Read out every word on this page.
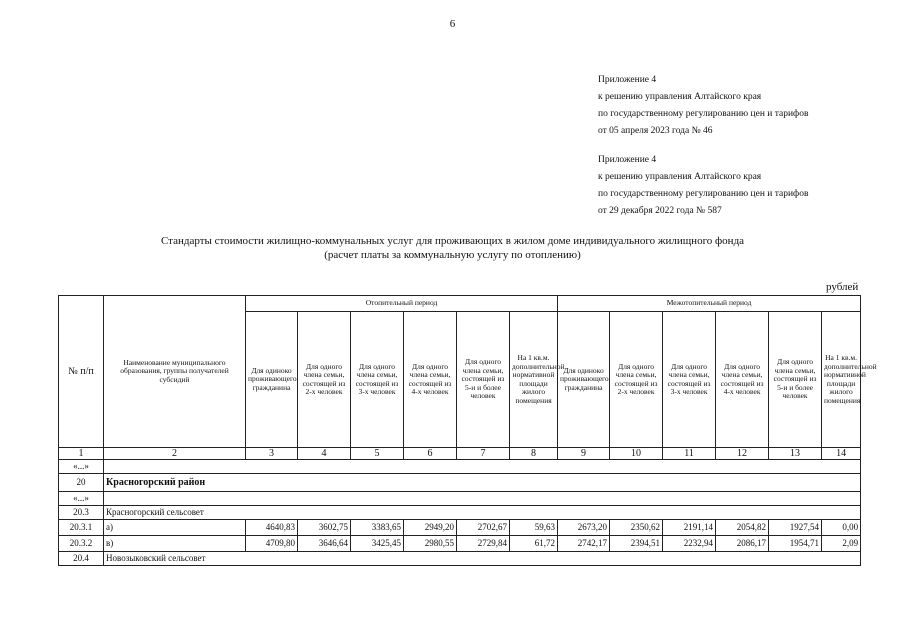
6
Приложение 4
к решению управления Алтайского края
по государственному регулированию цен и тарифов
от 05 апреля 2023 года № 46
Приложение 4
к решению управления Алтайского края
по государственному регулированию цен и тарифов
от 29 декабря 2022 года № 587
Стандарты стоимости жилищно-коммунальных услуг для проживающих в жилом доме индивидуального жилищного фонда
(расчет платы за коммунальную услугу по отоплению)
рублей
№ п/п	Наименование муниципального образования, группы получателей субсидий	Отопительный период						Межотопительный период					
		Для одиноко проживающего гражданина	Для одного члена семьи, состоящей из 2-х человек	Для одного члена семьи, состоящей из 3-х человек	Для одного члена семьи, состоящей из 4-х человек	Для одного члена семьи, состоящей из 5-и и более человек	На 1 кв.м. дополнительной нормативной площади жилого помещения	Для одиноко проживающего гражданина	Для одного члена семьи, состоящей из 2-х человек	Для одного члена семьи, состоящей из 3-х человек	Для одного члена семьи, состоящей из 4-х человек	Для одного члена семьи, состоящей из 5-и и более человек	На 1 кв.м. дополнительной нормативной площади жилого помещения
1	2	3	4	5	6	7	8	9	10	11	12	13	14
«...»													
20	Красногорский район												
«...»													
20.3	Красногорский сельсовет												
20.3.1	а)	4640,83	3602,75	3383,65	2949,20	2702,67	59,63	2673,20	2350,62	2191,14	2054,82	1927,54	0,00
20.3.2	в)	4709,80	3646,64	3425,45	2980,55	2729,84	61,72	2742,17	2394,51	2232,94	2086,17	1954,71	2,09
20.4	Новозыковский сельсовет												
